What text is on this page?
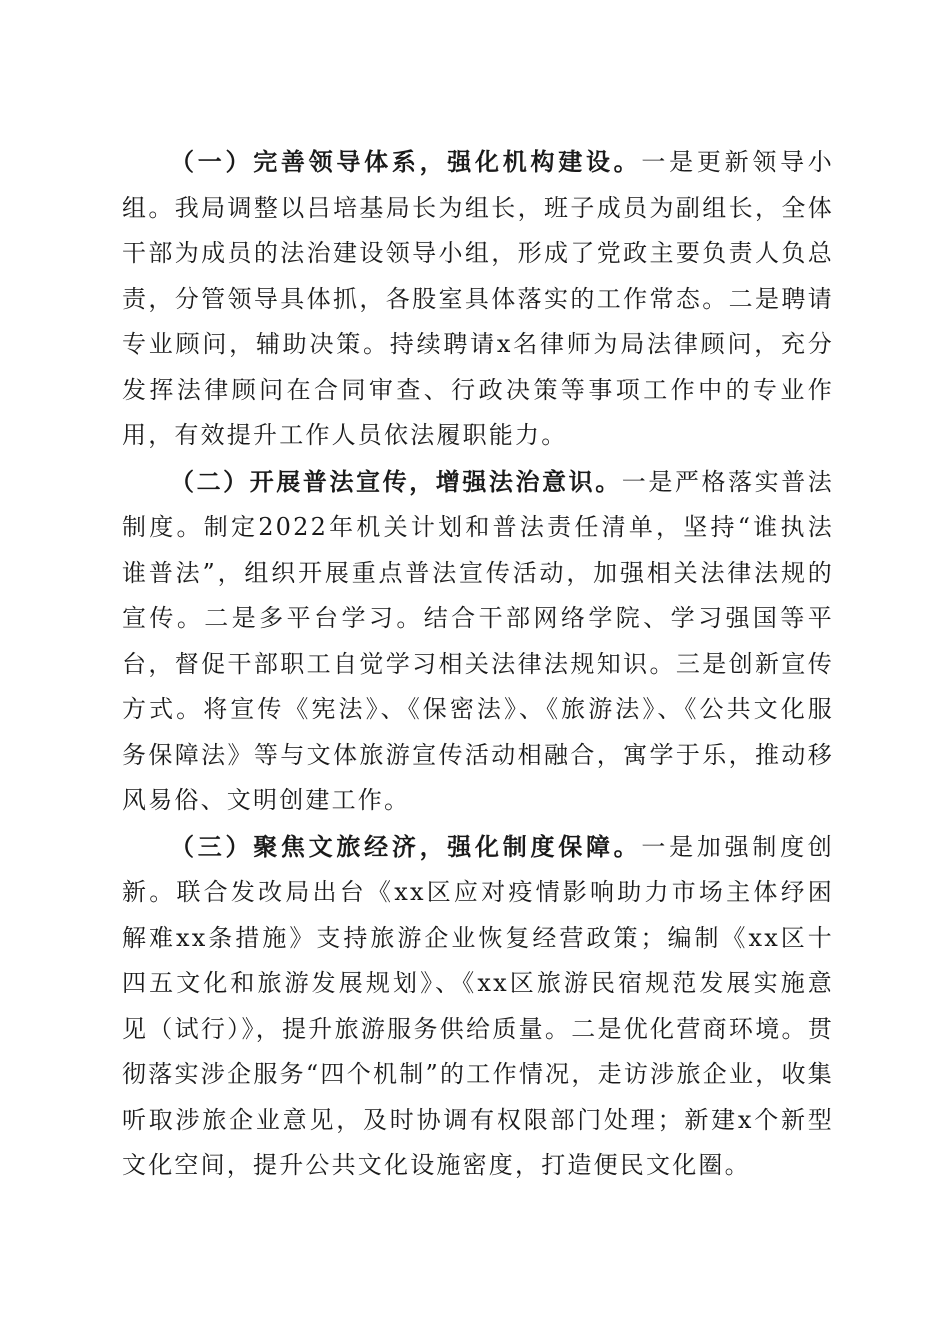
（一）完善领导体系，强化机构建设。一是更新领导小组。我局调整以吕培基局长为组长，班子成员为副组长，全体干部为成员的法治建设领导小组，形成了党政主要负责人负总责，分管领导具体抓，各股室具体落实的工作常态。二是聘请专业顾问，辅助决策。持续聘请x名律师为局法律顾问，充分发挥法律顾问在合同审查、行政决策等事项工作中的专业作用，有效提升工作人员依法履职能力。

（二）开展普法宣传，增强法治意识。一是严格落实普法制度。制定2022年机关计划和普法责任清单，坚持“谁执法谁普法”，组织开展重点普法宣传活动，加强相关法律法规的宣传。二是多平台学习。结合干部网络学院、学习强国等平台，督促干部职工自觉学习相关法律法规知识。三是创新宣传方式。将宣传《宪法》、《保密法》、《旅游法》、《公共文化服务保障法》等与文体旅游宣传活动相融合，寓学于乐，推动移风易俗、文明创建工作。

（三）聚焦文旅经济，强化制度保障。一是加强制度创新。联合发改局出台《xx区应对疫情影响助力市场主体纾困解难xx条措施》支持旅游企业恢复经营政策；编制《xx区十四五文化和旅游发展规划》、《xx区旅游民宿规范发展实施意见（试行）》，提升旅游服务供给质量。二是优化营商环境。贯彻落实涉企服务“四个机制”的工作情况，走访涉旅企业，收集听取涉旅企业意见，及时协调有权限部门处理；新建x个新型文化空间，提升公共文化设施密度，打造便民文化圈。
